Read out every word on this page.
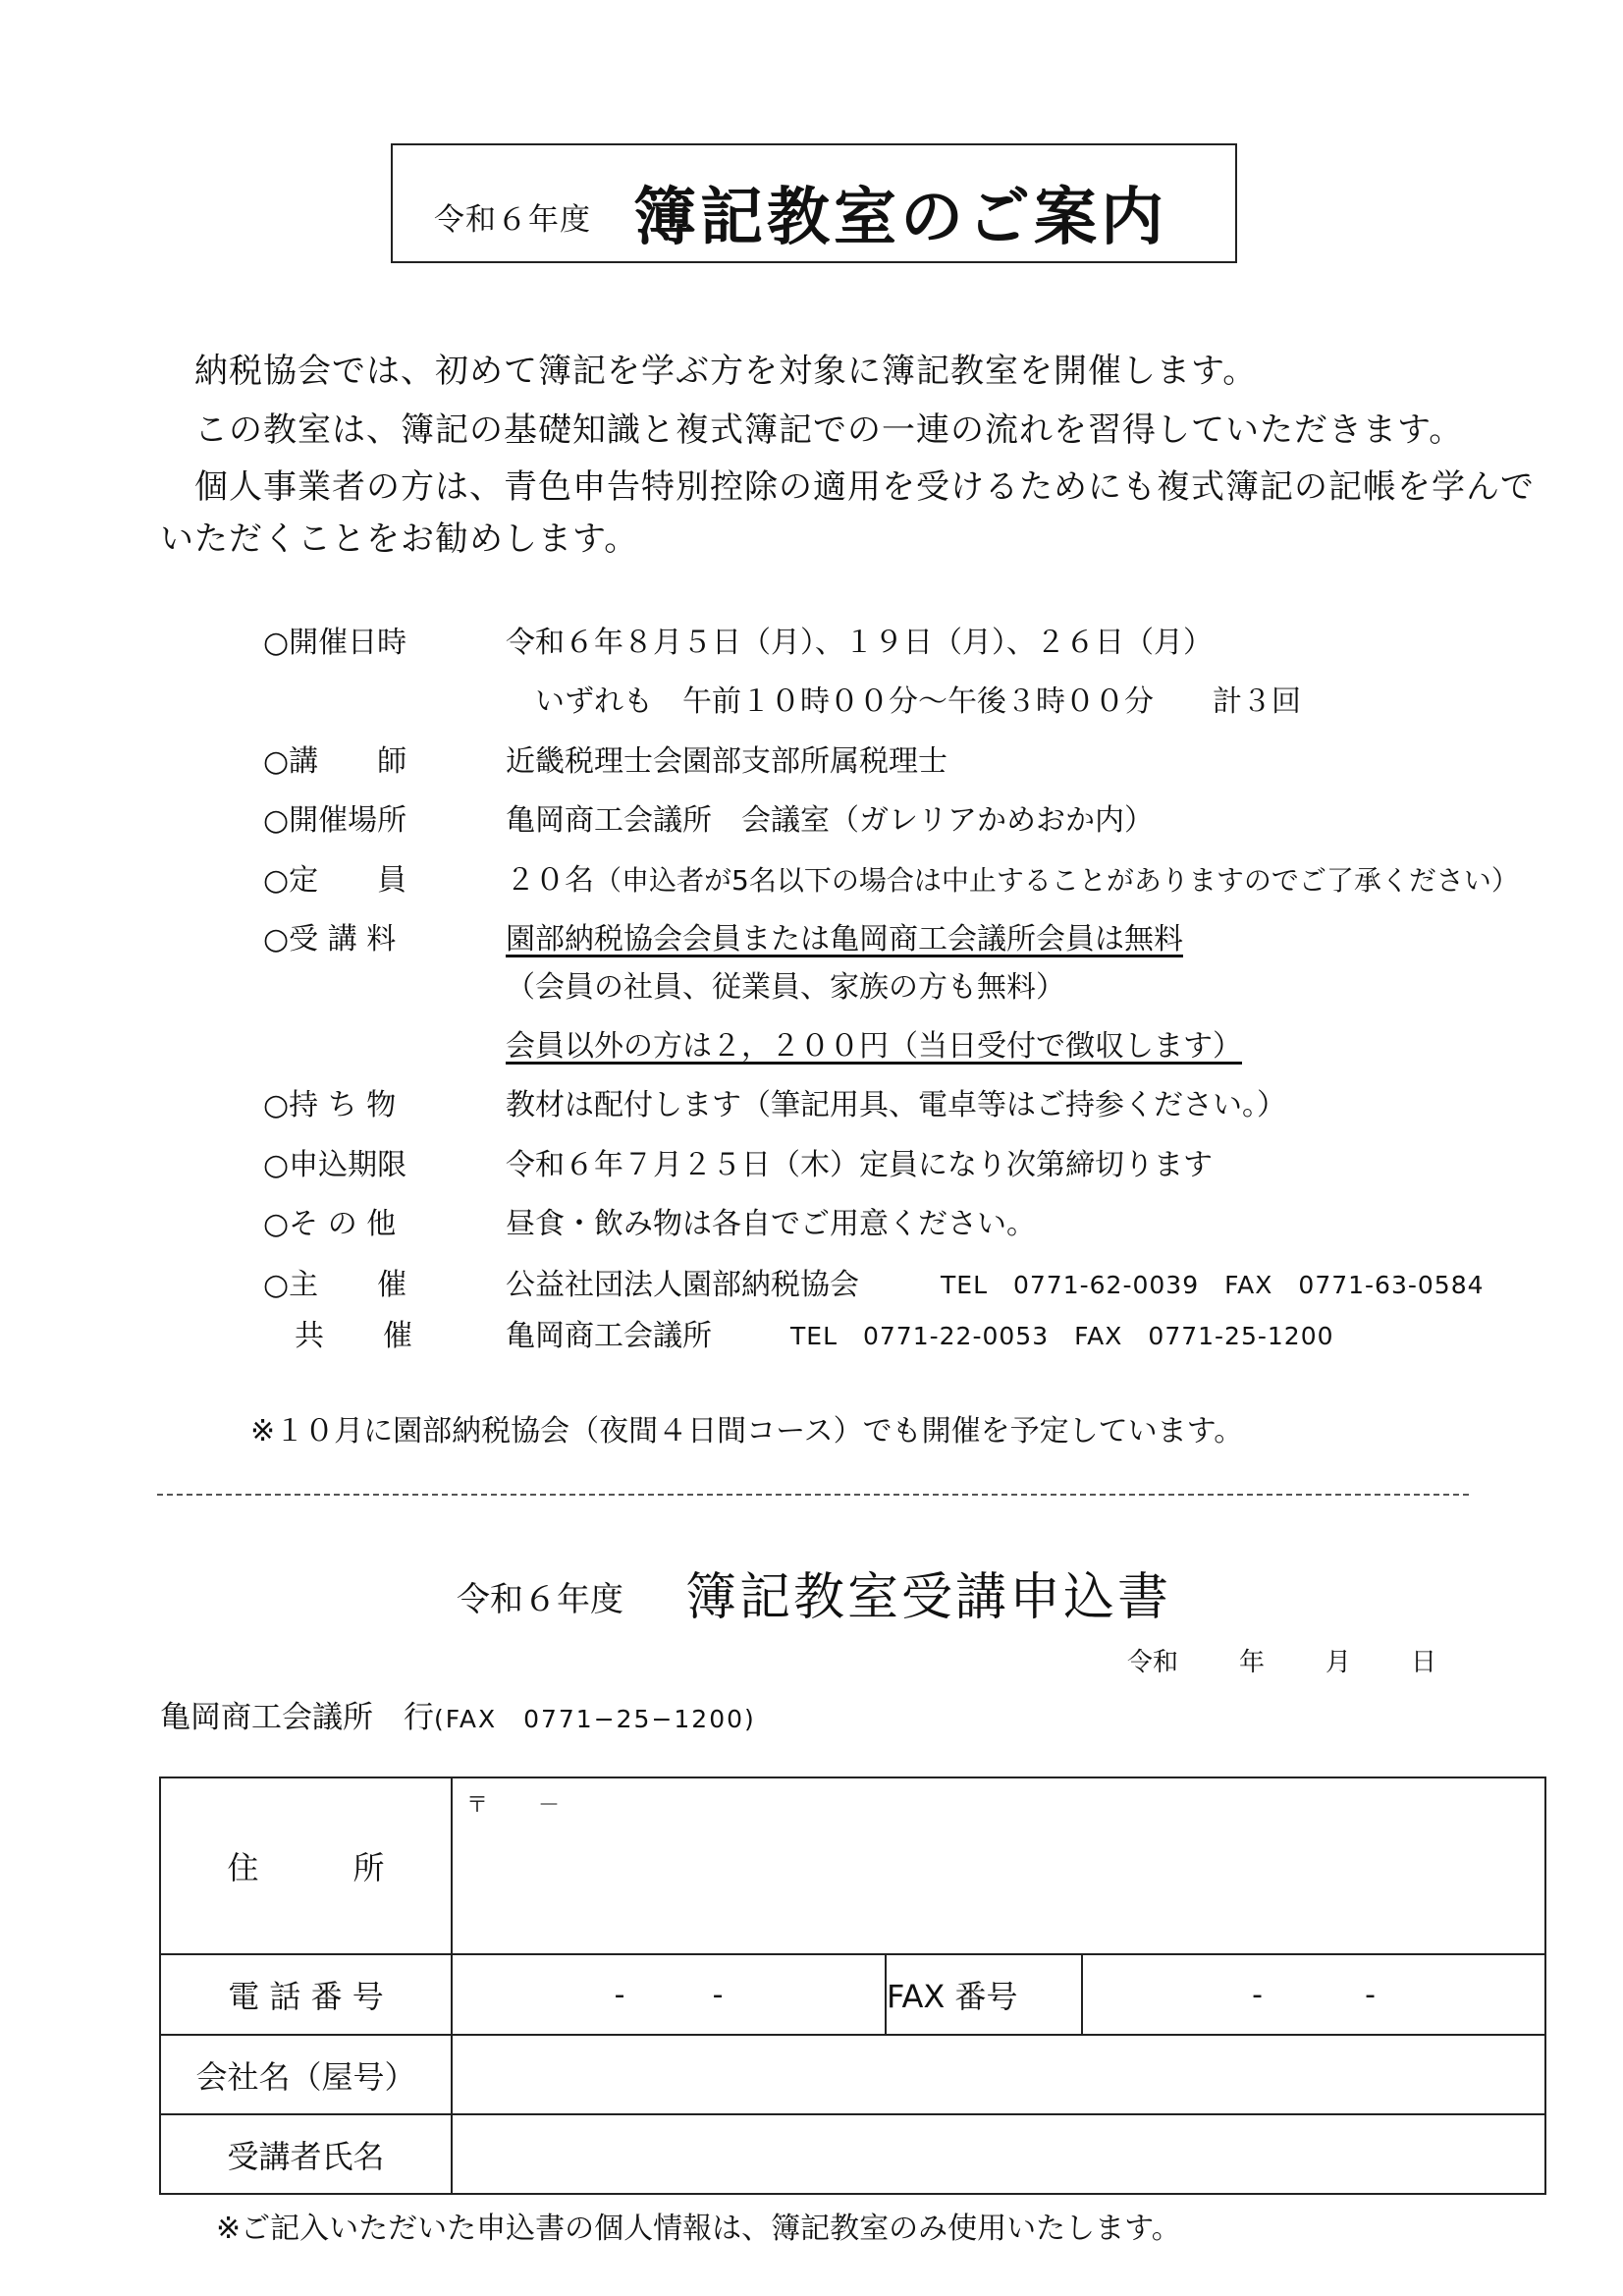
令和６年度 簿記教室のご案内

　納税協会では、初めて簿記を学ぶ方を対象に簿記教室を開催します。

　この教室は、簿記の基礎知識と複式簿記での一連の流れを習得していただきます。

　個人事業者の方は、青色申告特別控除の適用を受けるためにも複式簿記の記帳を学んで

いただくことをお勧めします。

○開催日時	令和６年８月５日（月）、１９日（月）、２６日（月）
いずれも　午前１０時００分～午後３時００分　　計３回
○講　　師	近畿税理士会園部支部所属税理士
○開催場所	亀岡商工会議所　会議室（ガレリアかめおか内）
○定　　員	２０名（申込者が5名以下の場合は中止することがありますのでご了承ください）
○受 講 料	園部納税協会会員または亀岡商工会議所会員は無料
（会員の社員、従業員、家族の方も無料）
会員以外の方は２，２００円（当日受付で徴収します）
○持 ち 物	教材は配付します（筆記用具、電卓等はご持参ください。）
○申込期限	令和６年７月２５日（木）定員になり次第締切ります
○そ の 他	昼食・飲み物は各自でご用意ください。
○主　　催	公益社団法人園部納税協会	TEL　0771-62-0039　FAX　0771-63-0584
共　　催	亀岡商工会議所	TEL　0771-22-0053　FAX　0771-25-1200
※１０月に園部納税協会（夜間４日間コース）でも開催を予定しています。
令和６年度 簿記教室受講申込書
令和 年 月 日
亀岡商工会議所　行(FAX　0771−25−1200)
住　　　所	〒　　 －		

電 話 番 号	- -	FAX 番号	- -

会社名（屋号）			
受講者氏名			
※ご記入いただいた申込書の個人情報は、簿記教室のみ使用いたします。
